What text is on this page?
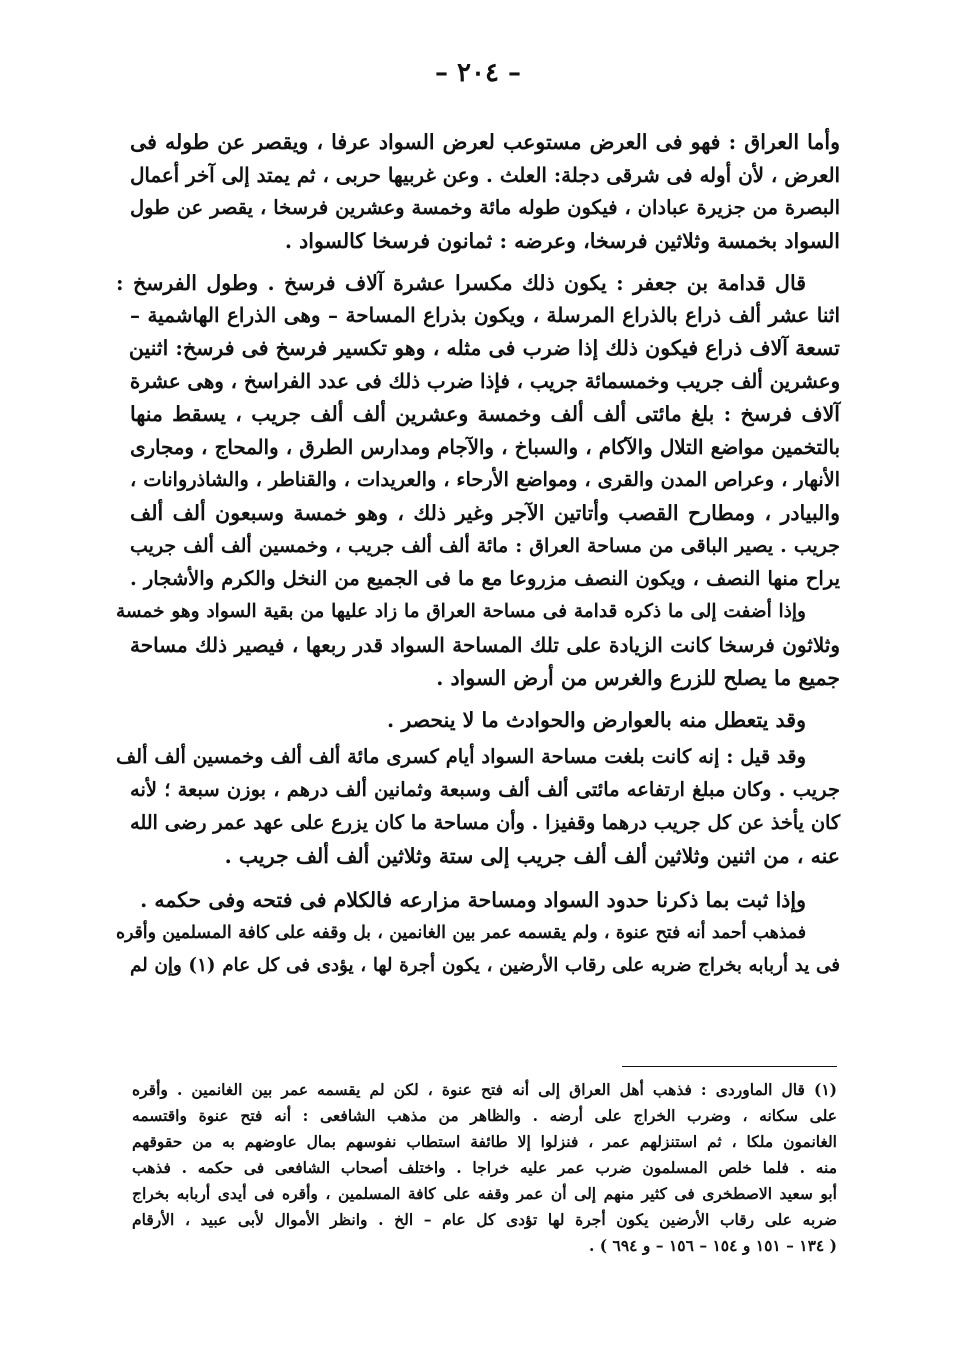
– ٢٠٤ –
وأما العراق : فهو فى العرض مستوعب لعرض السواد عرفا ، ويقصر عن طوله فى
العرض ، لأن أوله فى شرقى دجلة: العلث . وعن غربيها حربى ، ثم يمتد إلى آخر أعمال
البصرة من جزيرة عبادان ، فيكون طوله مائة وخمسة وعشرين فرسخا ، يقصر عن طول
السواد بخمسة وثلاثين فرسخا، وعرضه : ثمانون فرسخا كالسواد .
قال قدامة بن جعفر : يكون ذلك مكسرا عشرة آلاف فرسخ . وطول الفرسخ :
اثنا عشر ألف ذراع بالذراع المرسلة ، ويكون بذراع المساحة – وهى الذراع الهاشمية –
تسعة آلاف ذراع فيكون ذلك إذا ضرب فى مثله ، وهو تكسير فرسخ فى فرسخ: اثنين
وعشرين ألف جريب وخمسمائة جريب ، فإذا ضرب ذلك فى عدد الفراسخ ، وهى عشرة
آلاف فرسخ : بلغ مائتى ألف ألف وخمسة وعشرين ألف ألف جريب ، يسقط منها
بالتخمين مواضع التلال والآكام ، والسباخ ، والآجام ومدارس الطرق ، والمحاج ، ومجارى
الأنهار ، وعراص المدن والقرى ، ومواضع الأرحاء ، والعريدات ، والقناطر ، والشاذروانات ،
والبيادر ، ومطارح القصب وأتاتين الآجر وغير ذلك ، وهو خمسة وسبعون ألف ألف
جريب . يصير الباقى من مساحة العراق : مائة ألف ألف جريب ، وخمسين ألف ألف جريب
يراح منها النصف ، ويكون النصف مزروعا مع ما فى الجميع من النخل والكرم والأشجار .
وإذا أضفت إلى ما ذكره قدامة فى مساحة العراق ما زاد عليها من بقية السواد وهو خمسة
وثلاثون فرسخا كانت الزيادة على تلك المساحة السواد قدر ربعها ، فيصير ذلك مساحة
جميع ما يصلح للزرع والغرس من أرض السواد .
وقد يتعطل منه بالعوارض والحوادث ما لا ينحصر .
وقد قيل : إنه كانت بلغت مساحة السواد أيام كسرى مائة ألف ألف وخمسين ألف ألف
جريب . وكان مبلغ ارتفاعه مائتى ألف ألف وسبعة وثمانين ألف درهم ، بوزن سبعة ؛ لأنه
كان يأخذ عن كل جريب درهما وقفيزا . وأن مساحة ما كان يزرع على عهد عمر رضى الله
عنه ، من اثنين وثلاثين ألف ألف جريب إلى ستة وثلاثين ألف ألف جريب .
وإذا ثبت بما ذكرنا حدود السواد ومساحة مزارعه فالكلام فى فتحه وفى حكمه .
فمذهب أحمد أنه فتح عنوة ، ولم يقسمه عمر بين الغانمين ، بل وقفه على كافة المسلمين وأقره
فى يد أربابه بخراج ضربه على رقاب الأرضين ، يكون أجرة لها ، يؤدى فى كل عام (١) وإن لم
(١) قال الماوردى : فذهب أهل العراق إلى أنه فتح عنوة ، لكن لم يقسمه عمر بين الغانمين . وأقره
على سكانه ، وضرب الخراج على أرضه . والظاهر من مذهب الشافعى : أنه فتح عنوة واقتسمه
الغانمون ملكا ، ثم استنزلهم عمر ، فنزلوا إلا طائفة استطاب نفوسهم بمال عاوضهم به من حقوقهم
منه . فلما خلص المسلمون ضرب عمر عليه خراجا . واختلف أصحاب الشافعى فى حكمه . فذهب
أبو سعيد الاصطخرى فى كثير منهم إلى أن عمر وقفه على كافة المسلمين ، وأقره فى أيدى أربابه بخراج
ضربه على رقاب الأرضين يكون أجرة لها تؤدى كل عام – الخ . وانظر الأموال لأبى عبيد ، الأرقام
( ١٣٤ – ١٥١ و ١٥٤ – ١٥٦ – و ٦٩٤ ) .
